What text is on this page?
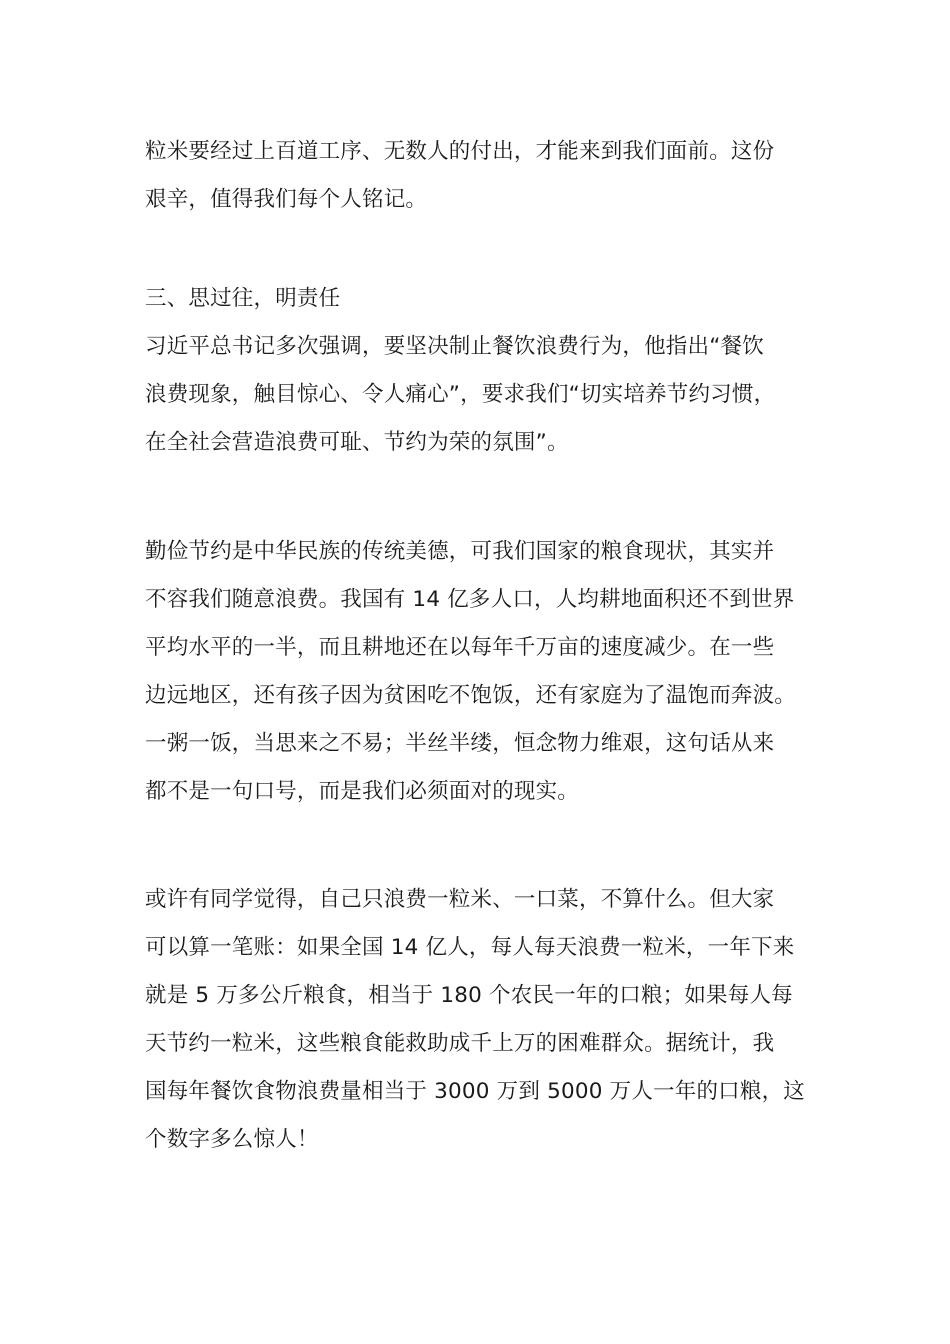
粒米要经过上百道工序、无数人的付出，才能来到我们面前。这份
艰辛，值得我们每个人铭记。
三、思过往，明责任
习近平总书记多次强调，要坚决制止餐饮浪费行为，他指出“餐饮
浪费现象，触目惊心、令人痛心”，要求我们“切实培养节约习惯，
在全社会营造浪费可耻、节约为荣的氛围”。
勤俭节约是中华民族的传统美德，可我们国家的粮食现状，其实并
不容我们随意浪费。我国有 14 亿多人口，人均耕地面积还不到世界
平均水平的一半，而且耕地还在以每年千万亩的速度减少。在一些
边远地区，还有孩子因为贫困吃不饱饭，还有家庭为了温饱而奔波。
一粥一饭，当思来之不易；半丝半缕，恒念物力维艰，这句话从来
都不是一句口号，而是我们必须面对的现实。
或许有同学觉得，自己只浪费一粒米、一口菜，不算什么。但大家
可以算一笔账：如果全国 14 亿人，每人每天浪费一粒米，一年下来
就是 5 万多公斤粮食，相当于 180 个农民一年的口粮；如果每人每
天节约一粒米，这些粮食能救助成千上万的困难群众。据统计，我
国每年餐饮食物浪费量相当于 3000 万到 5000 万人一年的口粮，这
个数字多么惊人！
